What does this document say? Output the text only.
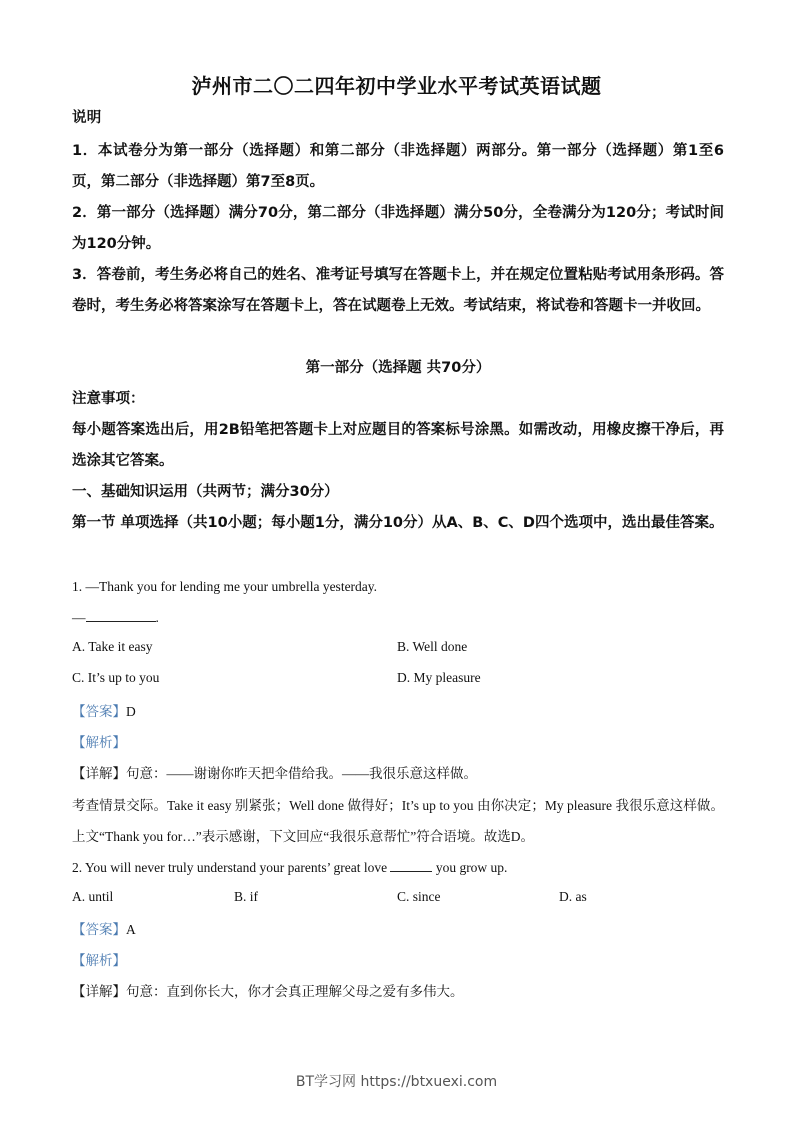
泸州市二〇二四年初中学业水平考试英语试题
说明
1．本试卷分为第一部分（选择题）和第二部分（非选择题）两部分。第一部分（选择题）第1至6页，第二部分（非选择题）第7至8页。
2．第一部分（选择题）满分70分，第二部分（非选择题）满分50分，全卷满分为120分；考试时间为120分钟。
3．答卷前，考生务必将自己的姓名、准考证号填写在答题卡上，并在规定位置粘贴考试用条形码。答卷时，考生务必将答案涂写在答题卡上，答在试题卷上无效。考试结束，将试卷和答题卡一并收回。
第一部分（选择题 共70分）
注意事项：
每小题答案选出后，用2B铅笔把答题卡上对应题目的答案标号涂黑。如需改动，用橡皮擦干净后，再选涂其它答案。
一、基础知识运用（共两节；满分30分）
第一节 单项选择（共10小题；每小题1分，满分10分）从A、B、C、D四个选项中，选出最佳答案。
1. —Thank you for lending me your umbrella yesterday.
—	.
A. Take it easy	B. Well done
C. It’s up to you	D. My pleasure
【答案】D
【解析】
【详解】句意：——谢谢你昨天把伞借给我。——我很乐意这样做。
考查情景交际。Take it easy 别紧张；Well done 做得好；It’s up to you 由你决定；My pleasure 我很乐意这样做。上文“Thank you for…”表示感谢，下文回应“我很乐意帮忙”符合语境。故选D。
2. You will never truly understand your parents’ great love	you grow up.
A. until	B. if	C. since	D. as
【答案】A
【解析】
【详解】句意：直到你长大，你才会真正理解父母之爱有多伟大。
BT学习网 https://btxuexi.com
